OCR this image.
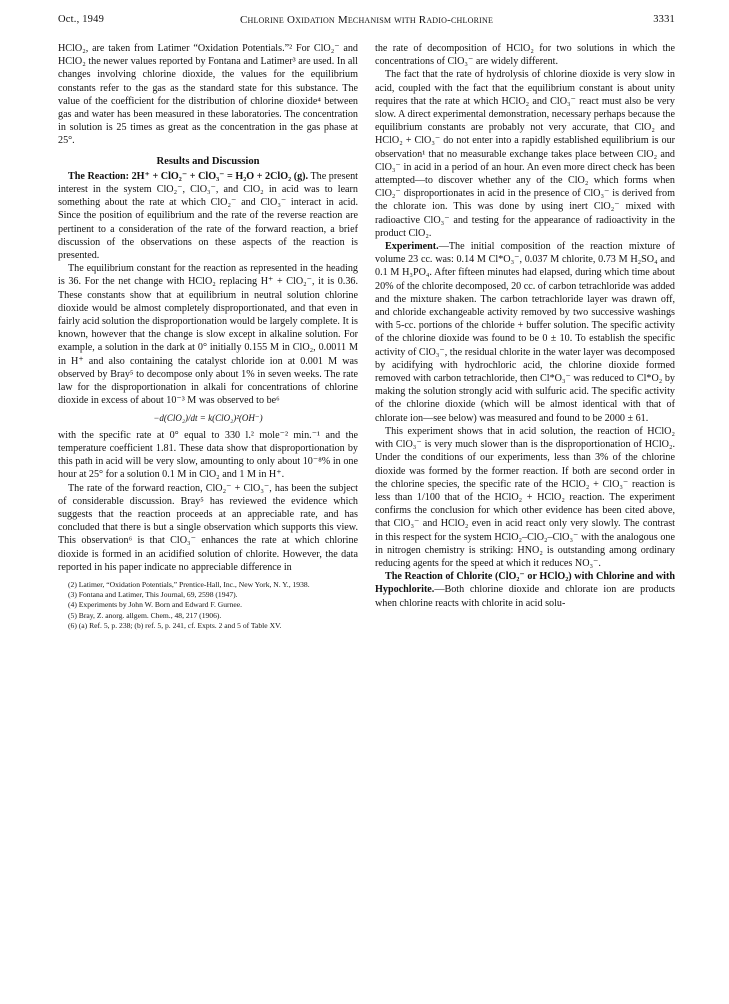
Oct., 1949	Chlorine Oxidation Mechanism with Radio-chlorine	3331

HClO₂, are taken from Latimer “Oxidation Potentials.”² For ClO₂⁻ and HClO₂ the newer values reported by Fontana and Latimer³ are used. In all changes involving chlorine dioxide, the values for the equilibrium constants refer to the gas as the standard state for this substance. The value of the coefficient for the distribution of chlorine dioxide⁴ between gas and water has been measured in these laboratories. The concentration in solution is 25 times as great as the concentration in the gas phase at 25°.

Results and Discussion

The Reaction: 2H⁺ + ClO₂⁻ + ClO₃⁻ = H₂O + 2ClO₂ (g). The present interest in the system ClO₂⁻, ClO₃⁻, and ClO₂ in acid was to learn something about the rate at which ClO₂⁻ and ClO₃⁻ interact in acid. Since the position of equilibrium and the rate of the reverse reaction are pertinent to a consideration of the rate of the forward reaction, a brief discussion of the observations on these aspects of the reaction is presented.

The equilibrium constant for the reaction as represented in the heading is 36. For the net change with HClO₂ replacing H⁺ + ClO₂⁻, it is 0.36. These constants show that at equilibrium in neutral solution chlorine dioxide would be almost completely disproportionated, and that even in fairly acid solution the disproportionation would be largely complete. It is known, however that the change is slow except in alkaline solution. For example, a solution in the dark at 0° initially 0.155 M in ClO₂, 0.0011 M in H⁺ and also containing the catalyst chloride ion at 0.001 M was observed by Bray⁵ to decompose only about 1% in seven weeks. The rate law for the disproportionation in alkali for concentrations of chlorine dioxide in excess of about 10⁻³ M was observed to be⁶

−d(ClO₂)/dt = k(ClO₂)²(OH⁻)

with the specific rate at 0° equal to 330 l.² mole⁻² min.⁻¹ and the temperature coefficient 1.81. These data show that disproportionation by this path in acid will be very slow, amounting to only about 10⁻⁸% in one hour at 25° for a solution 0.1 M in ClO₂ and 1 M in H⁺.

The rate of the forward reaction, ClO₂⁻ + ClO₃⁻, has been the subject of considerable discussion. Bray⁵ has reviewed the evidence which suggests that the reaction proceeds at an appreciable rate, and has concluded that there is but a single observation which supports this view. This observation⁶ is that ClO₃⁻ enhances the rate at which chlorine dioxide is formed in an acidified solution of chlorite. However, the data reported in his paper indicate no appreciable difference in

(2) Latimer, “Oxidation Potentials,” Prentice-Hall, Inc., New York, N. Y., 1938.
(3) Fontana and Latimer, This Journal, 69, 2598 (1947).
(4) Experiments by John W. Born and Edward F. Gurnee.
(5) Bray, Z. anorg. allgem. Chem., 48, 217 (1906).
(6) (a) Ref. 5, p. 238; (b) ref. 5, p. 241, cf. Expts. 2 and 5 of Table XV.

the rate of decomposition of HClO₂ for two solutions in which the concentrations of ClO₃⁻ are widely different.

The fact that the rate of hydrolysis of chlorine dioxide is very slow in acid, coupled with the fact that the equilibrium constant is about unity requires that the rate at which HClO₂ and ClO₃⁻ react must also be very slow. A direct experimental demonstration, necessary perhaps because the equilibrium constants are probably not very accurate, that ClO₂ and HClO₂ + ClO₃⁻ do not enter into a rapidly established equilibrium is our observation¹ that no measurable exchange takes place between ClO₂ and ClO₃⁻ in acid in a period of an hour. An even more direct check has been attempted—to discover whether any of the ClO₂ which forms when ClO₂⁻ disproportionates in acid in the presence of ClO₃⁻ is derived from the chlorate ion. This was done by using inert ClO₂⁻ mixed with radioactive ClO₃⁻ and testing for the appearance of radioactivity in the product ClO₂.

Experiment.—The initial composition of the reaction mixture of volume 23 cc. was: 0.14 M Cl*O₃⁻, 0.037 M chlorite, 0.73 M H₂SO₄ and 0.1 M H₃PO₄. After fifteen minutes had elapsed, during which time about 20% of the chlorite decomposed, 20 cc. of carbon tetrachloride was added and the mixture shaken. The carbon tetrachloride layer was drawn off, and chloride exchangeable activity removed by two successive washings with 5-cc. portions of the chloride + buffer solution. The specific activity of the chlorine dioxide was found to be 0 ± 10. To establish the specific activity of ClO₃⁻, the residual chlorite in the water layer was decomposed by acidifying with hydrochloric acid, the chlorine dioxide formed removed with carbon tetrachloride, then Cl*O₃⁻ was reduced to Cl*O₂ by making the solution strongly acid with sulfuric acid. The specific activity of the chlorine dioxide (which will be almost identical with that of chlorate ion—see below) was measured and found to be 2000 ± 61.

This experiment shows that in acid solution, the reaction of HClO₂ with ClO₃⁻ is very much slower than is the disproportionation of HClO₂. Under the conditions of our experiments, less than 3% of the chlorine dioxide was formed by the former reaction. If both are second order in the chlorine species, the specific rate of the HClO₂ + ClO₃⁻ reaction is less than 1/100 that of the HClO₂ + HClO₂ reaction. The experiment confirms the conclusion for which other evidence has been cited above, that ClO₃⁻ and HClO₂ even in acid react only very slowly. The contrast in this respect for the system HClO₂–ClO₂–ClO₃⁻ with the analogous one in nitrogen chemistry is striking: HNO₂ is outstanding among ordinary reducing agents for the speed at which it reduces NO₃⁻.

The Reaction of Chlorite (ClO₂⁻ or HClO₂) with Chlorine and with Hypochlorite.—Both chlorine dioxide and chlorate ion are products when chlorine reacts with chlorite in acid solu-
